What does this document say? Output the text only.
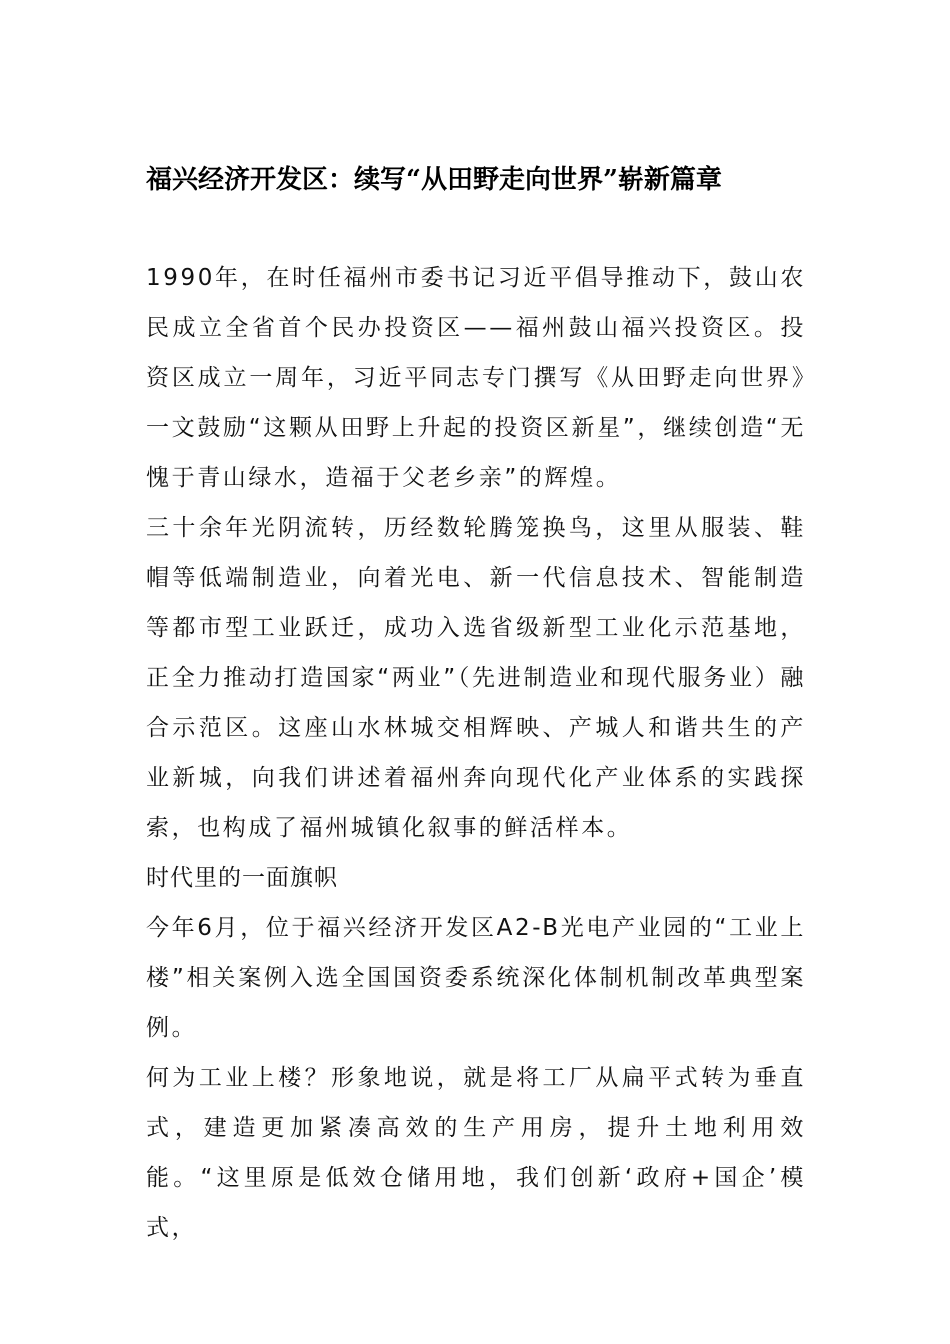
福兴经济开发区：续写“从田野走向世界”崭新篇章

1990年，在时任福州市委书记习近平倡导推动下，鼓山农民成立全省首个民办投资区——福州鼓山福兴投资区。投资区成立一周年，习近平同志专门撰写《从田野走向世界》一文鼓励“这颗从田野上升起的投资区新星”，继续创造“无愧于青山绿水，造福于父老乡亲”的辉煌。

三十余年光阴流转，历经数轮腾笼换鸟，这里从服装、鞋帽等低端制造业，向着光电、新一代信息技术、智能制造等都市型工业跃迁，成功入选省级新型工业化示范基地，正全力推动打造国家“两业”（先进制造业和现代服务业）融合示范区。这座山水林城交相辉映、产城人和谐共生的产业新城，向我们讲述着福州奔向现代化产业体系的实践探索，也构成了福州城镇化叙事的鲜活样本。

时代里的一面旗帜

今年6月，位于福兴经济开发区A2-B光电产业园的“工业上楼”相关案例入选全国国资委系统深化体制机制改革典型案例。

何为工业上楼？形象地说，就是将工厂从扁平式转为垂直式，建造更加紧凑高效的生产用房，提升土地利用效能。“这里原是低效仓储用地，我们创新‘政府+国企’模式，
